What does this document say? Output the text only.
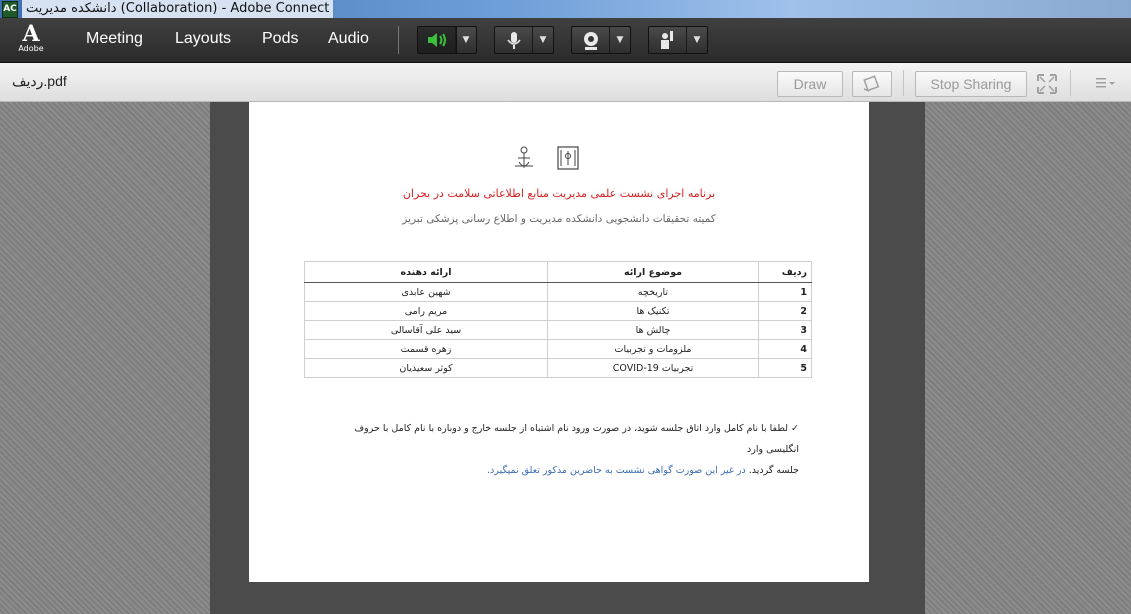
AC دانشکده مدیریت (Collaboration) - Adobe Connect
A
Adobe
Meeting Layouts Pods Audio	▼	▼	▼	▼
ردیف.pdf	Draw	Stop Sharing
برنامه اجرای نشست علمی مدیریت منابع اطلاعاتی سلامت در بحران
کمیته تحقیقات دانشجویی دانشکده مدیریت و اطلاع رسانی پزشکی تبریز
ردیف	موضوع ارائه	ارائه دهنده
1	تاریخچه	شهین عابدی
2	تکنیک ها	مریم رامی
3	چالش ها	سید علی آقاسالی
4	ملزومات و تجربیات	زهره قسمت
5	تجربیات COVID-19	کوثر سعیدیان
✓ لطفا با نام کامل وارد اتاق جلسه شوید، در صورت ورود نام اشتباه از جلسه خارج و دوباره با نام کامل با حروف انگلیسی وارد
جلسه گردید. در غیر این صورت گواهی نشست به حاضرین مذکور تعلق نمیگیرد.
